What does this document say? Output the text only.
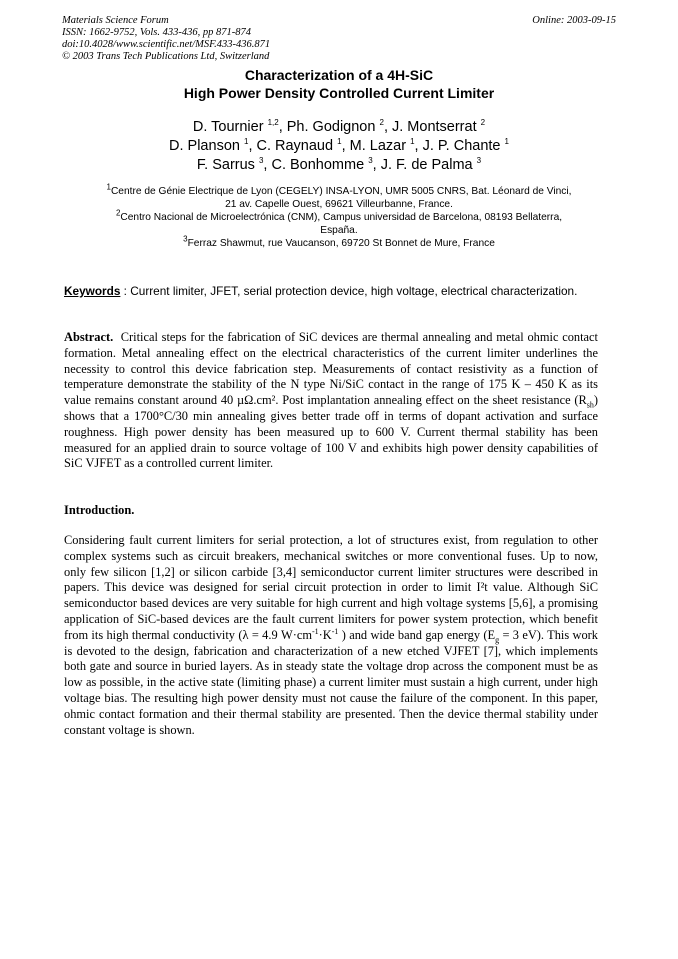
Materials Science Forum
ISSN: 1662-9752, Vols. 433-436, pp 871-874
doi:10.4028/www.scientific.net/MSF.433-436.871
© 2003 Trans Tech Publications Ltd, Switzerland
Online: 2003-09-15
Characterization of a 4H-SiC
High Power Density Controlled Current Limiter
D. Tournier $^{1,2}$, Ph. Godignon $^2$, J. Montserrat $^2$
D. Planson $^1$, C. Raynaud $^1$, M. Lazar $^1$, J. P. Chante $^1$
F. Sarrus $^3$, C. Bonhomme $^3$, J. F. de Palma $^3$
$^1$Centre de Génie Electrique de Lyon (CEGELY) INSA-LYON, UMR 5005 CNRS, Bat. Léonard de Vinci,
21 av. Capelle Ouest, 69621 Villeurbanne, France.
$^2$Centro Nacional de Microelectrónica (CNM), Campus universidad de Barcelona, 08193 Bellaterra,
España.
$^3$Ferraz Shawmut, rue Vaucanson, 69720 St Bonnet de Mure, France
Keywords : Current limiter, JFET, serial protection device, high voltage, electrical characterization.
Abstract. Critical steps for the fabrication of SiC devices are thermal annealing and metal ohmic contact formation. Metal annealing effect on the electrical characteristics of the current limiter underlines the necessity to control this device fabrication step. Measurements of contact resistivity as a function of temperature demonstrate the stability of the N type Ni/SiC contact in the range of 175 K – 450 K as its value remains constant around 40 µΩ.cm². Post implantation annealing effect on the sheet resistance $(R_{sh})$ shows that a 1700°C/30 min annealing gives better trade off in terms of dopant activation and surface roughness. High power density has been measured up to 600 V. Current thermal stability has been measured for an applied drain to source voltage of 100 V and exhibits high power density capabilities of SiC VJFET as a controlled current limiter.
Introduction.
Considering fault current limiters for serial protection, a lot of structures exist, from regulation to other complex systems such as circuit breakers, mechanical switches or more conventional fuses. Up to now, only few silicon [1,2] or silicon carbide [3,4] semiconductor current limiter structures were described in papers. This device was designed for serial circuit protection in order to limit I²t value. Although SiC semiconductor based devices are very suitable for high current and high voltage systems [5,6], a promising application of SiC-based devices are the fault current limiters for power system protection, which benefit from its high thermal conductivity (λ = 4.9 $W\cdot cm^{-1}\cdot K^{-1}$ ) and wide band gap energy ($E_g = 3$ eV). This work is devoted to the design, fabrication and characterization of a new etched VJFET [7], which implements both gate and source in buried layers. As in steady state the voltage drop across the component must be as low as possible, in the active state (limiting phase) a current limiter must sustain a high current, under high voltage bias. The resulting high power density must not cause the failure of the component. In this paper, ohmic contact formation and their thermal stability are presented. Then the device thermal stability under constant voltage is shown.
